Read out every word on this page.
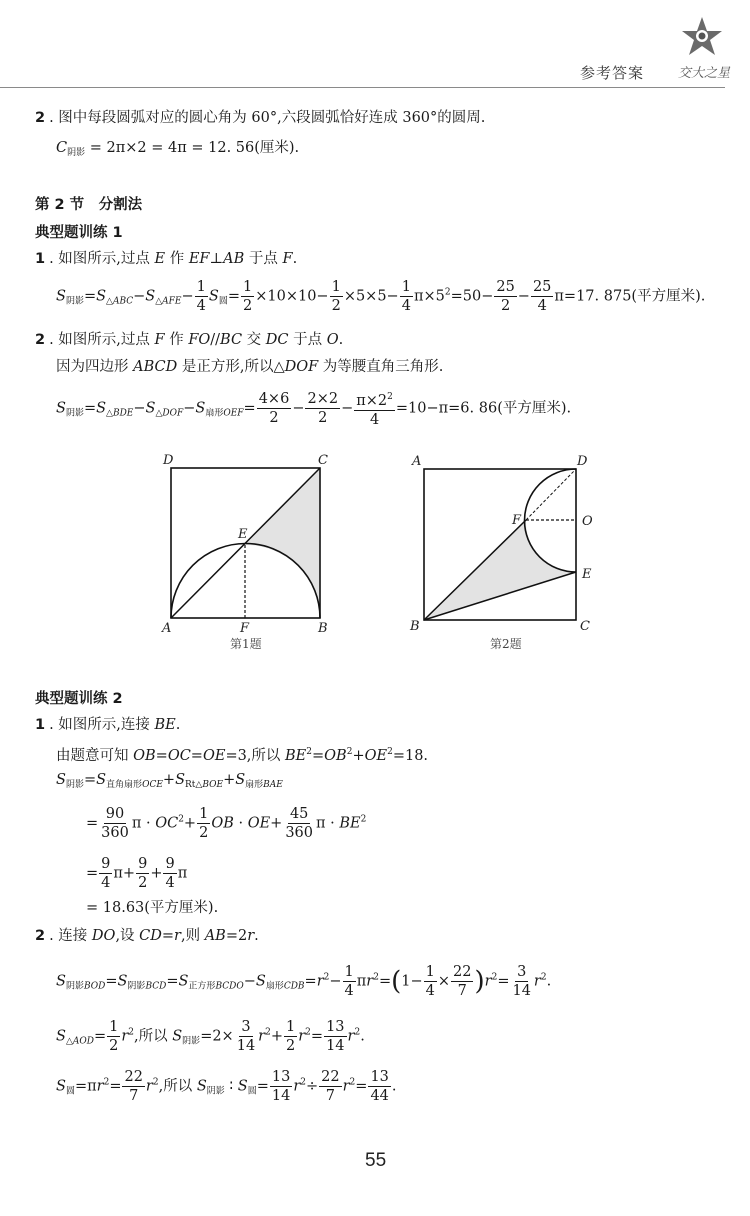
参考答案	交大之星
2 . 图中每段圆弧对应的圆心角为 60°,六段圆弧恰好连成 360°的圆周.
$C_{阴影} = 2\pi\times 2 = 4\pi = 12$. 56(厘米).
第 2 节　分割法
典型题训练 1
1 . 如图所示,过点 E 作 EF⊥AB 于点 F.
$S_{阴影}=S_{\triangle ABC}-S_{\triangle AFE}- \frac{1}{4} S_圆= \frac{1}{2} \times 10\times 10- \frac{1}{2} \times 5\times 5- \frac{1}{4} \pi\times 5^2=50- \frac{25}{2} - \frac{25}{4} \pi=17$. 875(平方厘米).
2 . 如图所示,过点 F 作 FO//BC 交 DC 于点 O.
因为四边形 ABCD 是正方形,所以△DOF 为等腰直角三角形.
$S_{阴影}=S_{\triangle BDE}-S_{\triangle DOF}-S_{扇形OEF}= \frac{4\times 6}{2} - \frac{2\times 2}{2} - \frac{\pi\times 2^2}{4} =10-\pi=6$. 86(平方厘米).
D	C
E
A	F	B
第1题
A	D
F	O
E
B	C
第2题
典型题训练 2
1 . 如图所示,连接 BE.
由题意可知 OB=OC=OE=3,所以 $BE^2=OB^2+OE^2=18$.
$S_{阴影}=S_{直角扇形OCE}+S_{Rt\triangle BOE}+S_{扇形BAE}$
= $\frac{90}{360}$ $\pi \cdot OC^2+ \frac{1}{2}$ OB · $OE+ \frac{45}{360}$ $\pi \cdot BE^2$
= $\frac{9}{4} \pi+ \frac{9}{2} + \frac{9}{4}$ π
= 18.63(平方厘米).
2 . 连接 DO,设 CD=r,则 AB=2r.
$S_{阴影BOD}=S_{阴影BCD}=S_{正方形BCDO}-S_{扇形CDB}=r^2- \frac{1}{4} \pi r^2=(1- \frac{1}{4} \times \frac{22}{7} )r^2= \frac{3}{14} r^2$.
$S_{\triangle AOD}= \frac{1}{2} r^2$,所以 $S_{阴影}=2\times \frac{3}{14} r^2+ \frac{1}{2} r^2= \frac{13}{14} r^2$.
$S_圆=\pi r^2= \frac{22}{7} r^2$,所以 $S_{阴影}$ ∶ $S_圆= \frac{13}{14} r^2\div \frac{22}{7} r^2= \frac{13}{44}$ .
55
